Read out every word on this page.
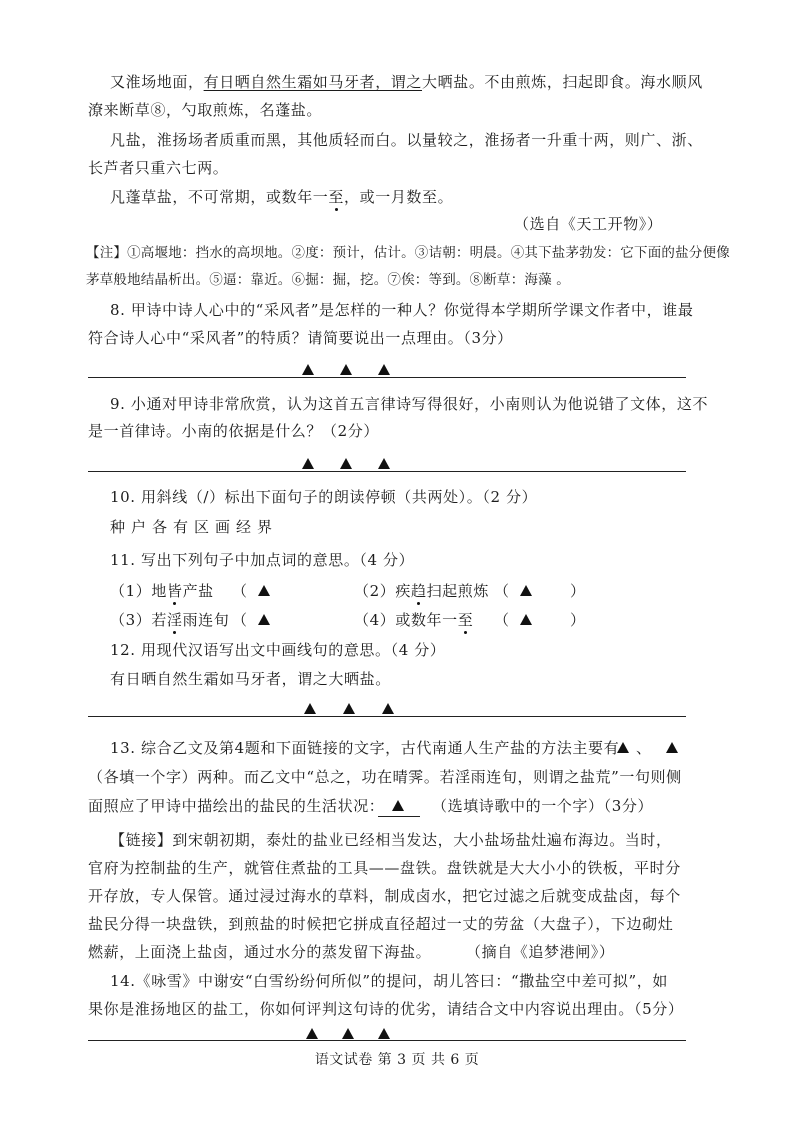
又淮场地面，有日晒自然生霜如马牙者，谓之大晒盐。不由煎炼，扫起即食。海水顺风
潦来断草⑧，勺取煎炼，名蓬盐。
凡盐，淮扬场者质重而黑，其他质轻而白。以量较之，淮扬者一升重十两，则广、浙、
长芦者只重六七两。
凡蓬草盐，不可常期，或数年一至，或一月数至。
（选自《天工开物》）
【注】①高堰地：挡水的高坝地。②度：预计，估计。③诘朝：明晨。④其下盐茅勃发：它下面的盐分便像
茅草般地结晶析出。⑤逼：靠近。⑥掘：掘，挖。⑦俟：等到。⑧断草：海藻 。
8. 甲诗中诗人心中的“采风者”是怎样的一种人？你觉得本学期所学课文作者中，谁最
符合诗人心中“采风者”的特质？请简要说出一点理由。（3分）
9. 小通对甲诗非常欣赏，认为这首五言律诗写得很好，小南则认为他说错了文体，这不
是一首律诗。小南的依据是什么？（2分）
10. 用斜线（/）标出下面句子的朗读停顿（共两处）。（2 分）
种户各有区画经界
11. 写出下列句子中加点词的意思。（4 分）
（1）地皆产盐 （	（2）疾趋扫起煎炼 （	）
（3）若淫雨连旬 （	（4）或数年一至 （	）
12. 用现代汉语写出文中画线句的意思。（4 分）
有日晒自然生霜如马牙者，谓之大晒盐。
13. 综合乙文及第4题和下面链接的文字，古代南通人生产盐的方法主要有 、
（各填一个字）两种。而乙文中“总之，功在晴霁。若淫雨连旬，则谓之盐荒”一句则侧
面照应了甲诗中描绘出的盐民的生活状况：	（选填诗歌中的一个字）（3分）
【链接】到宋朝初期，泰灶的盐业已经相当发达，大小盐场盐灶遍布海边。当时，
官府为控制盐的生产，就管住煮盐的工具——盘铁。盘铁就是大大小小的铁板，平时分
开存放，专人保管。通过浸过海水的草料，制成卤水，把它过滤之后就变成盐卤，每个
盐民分得一块盘铁，到煎盐的时候把它拼成直径超过一丈的劳盆（大盘子），下边砌灶
燃薪，上面浇上盐卤，通过水分的蒸发留下海盐。 （摘自《追梦港闸》）
14.《咏雪》中谢安“白雪纷纷何所似”的提问，胡儿答曰：“撒盐空中差可拟”，如
果你是淮扬地区的盐工，你如何评判这句诗的优劣，请结合文中内容说出理由。（5分）
语文试卷 第 3 页 共 6 页
